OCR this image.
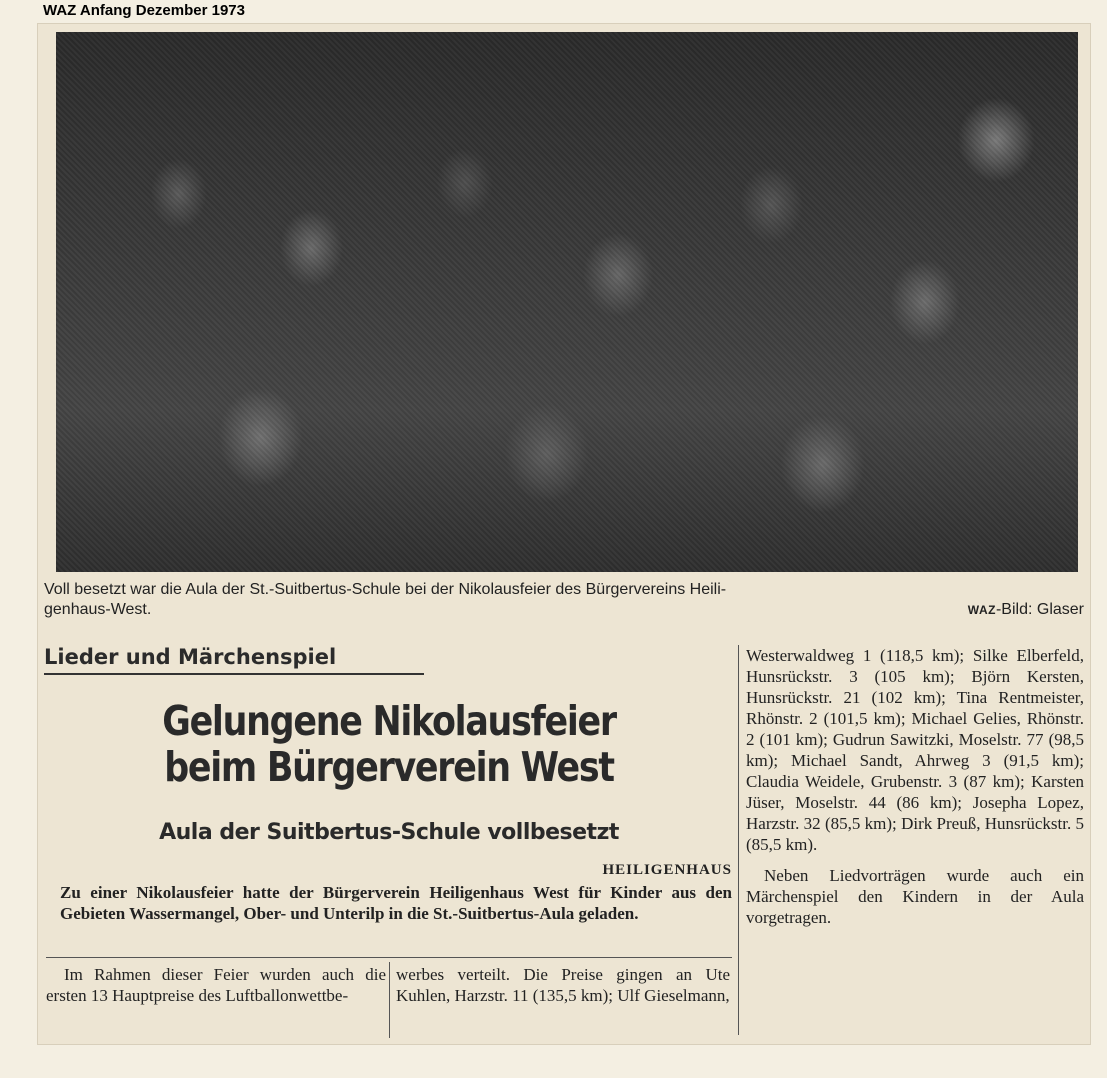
WAZ Anfang Dezember 1973
Voll besetzt war die Aula der St.-Suitbertus-Schule bei der Nikolausfeier des Bürgervereins Heili-
genhaus-West.	WAZ-Bild: Glaser
Lieder und Märchenspiel
Gelungene Nikolausfeier
beim Bürgerverein West
Aula der Suitbertus-Schule vollbesetzt
HEILIGENHAUS
Zu einer Nikolausfeier hatte der Bürgerverein Heiligenhaus West für Kinder aus den Gebieten Wassermangel, Ober- und Unterilp in die St.-Suitbertus-Aula geladen.
Im Rahmen dieser Feier wurden auch die ersten 13 Hauptpreise des Luftballonwettbe-
werbes verteilt. Die Preise gingen an Ute Kuhlen, Harzstr. 11 (135,5 km); Ulf Gieselmann,
Westerwaldweg 1 (118,5 km); Silke Elberfeld, Hunsrückstr. 3 (105 km); Björn Kersten, Hunsrückstr. 21 (102 km); Tina Rentmeister, Rhönstr. 2 (101,5 km); Michael Gelies, Rhönstr. 2 (101 km); Gudrun Sawitzki, Moselstr. 77 (98,5 km); Michael Sandt, Ahrweg 3 (91,5 km); Claudia Weidele, Grubenstr. 3 (87 km); Karsten Jüser, Moselstr. 44 (86 km); Josepha Lopez, Harzstr. 32 (85,5 km); Dirk Preuß, Hunsrückstr. 5 (85,5 km).
Neben Liedvorträgen wurde auch ein Märchenspiel den Kindern in der Aula vorgetragen.
